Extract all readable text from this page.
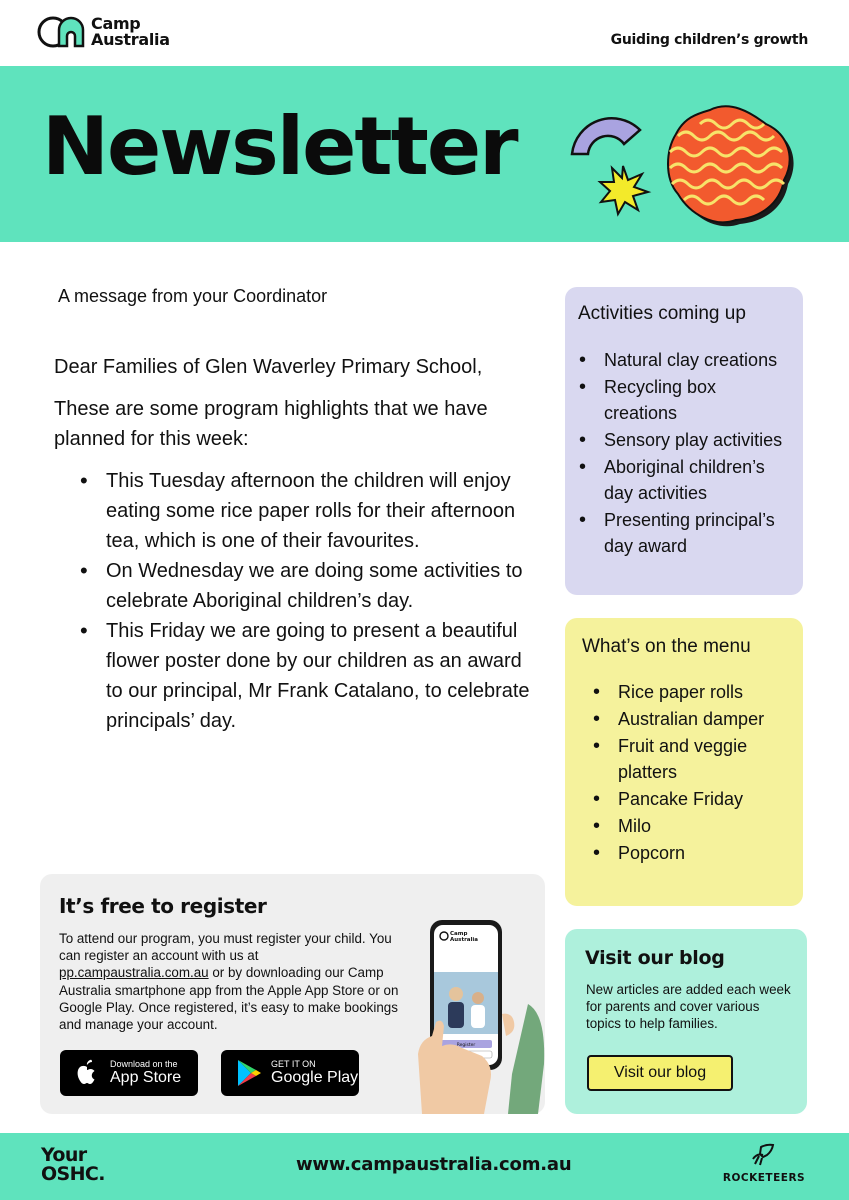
Camp
Australia	Guiding children’s growth
Newsletter
A message from your Coordinator

Dear Families of Glen Waverley Primary School,

These are some program highlights that we have planned for this week:

• This Tuesday afternoon the children will enjoy eating some rice paper rolls for their afternoon tea, which is one of their favourites.
• On Wednesday we are doing some activities to celebrate Aboriginal children’s day.
• This Friday we are going to present a beautiful flower poster done by our children as an award to our principal, Mr Frank Catalano, to celebrate principals’ day.
Activities coming up
• Natural clay creations
• Recycling box creations
• Sensory play activities
• Aboriginal children’s day activities
• Presenting principal’s day award
What’s on the menu
• Rice paper rolls
• Australian damper
• Fruit and veggie platters
• Pancake Friday
• Milo
• Popcorn
It’s free to register
To attend our program, you must register your child. You can register an account with us at pp.campaustralia.com.au or by downloading our Camp Australia smartphone app from the Apple App Store or on Google Play. Once registered, it’s easy to make bookings and manage your account.
Download on the
App Store
GET IT ON
Google Play
Camp
Australia
Register
Visit our blog
New articles are added each week for parents and cover various topics to help families.
Visit our blog
Your
OSHC.	www.campaustralia.com.au
ROCKETEERS
